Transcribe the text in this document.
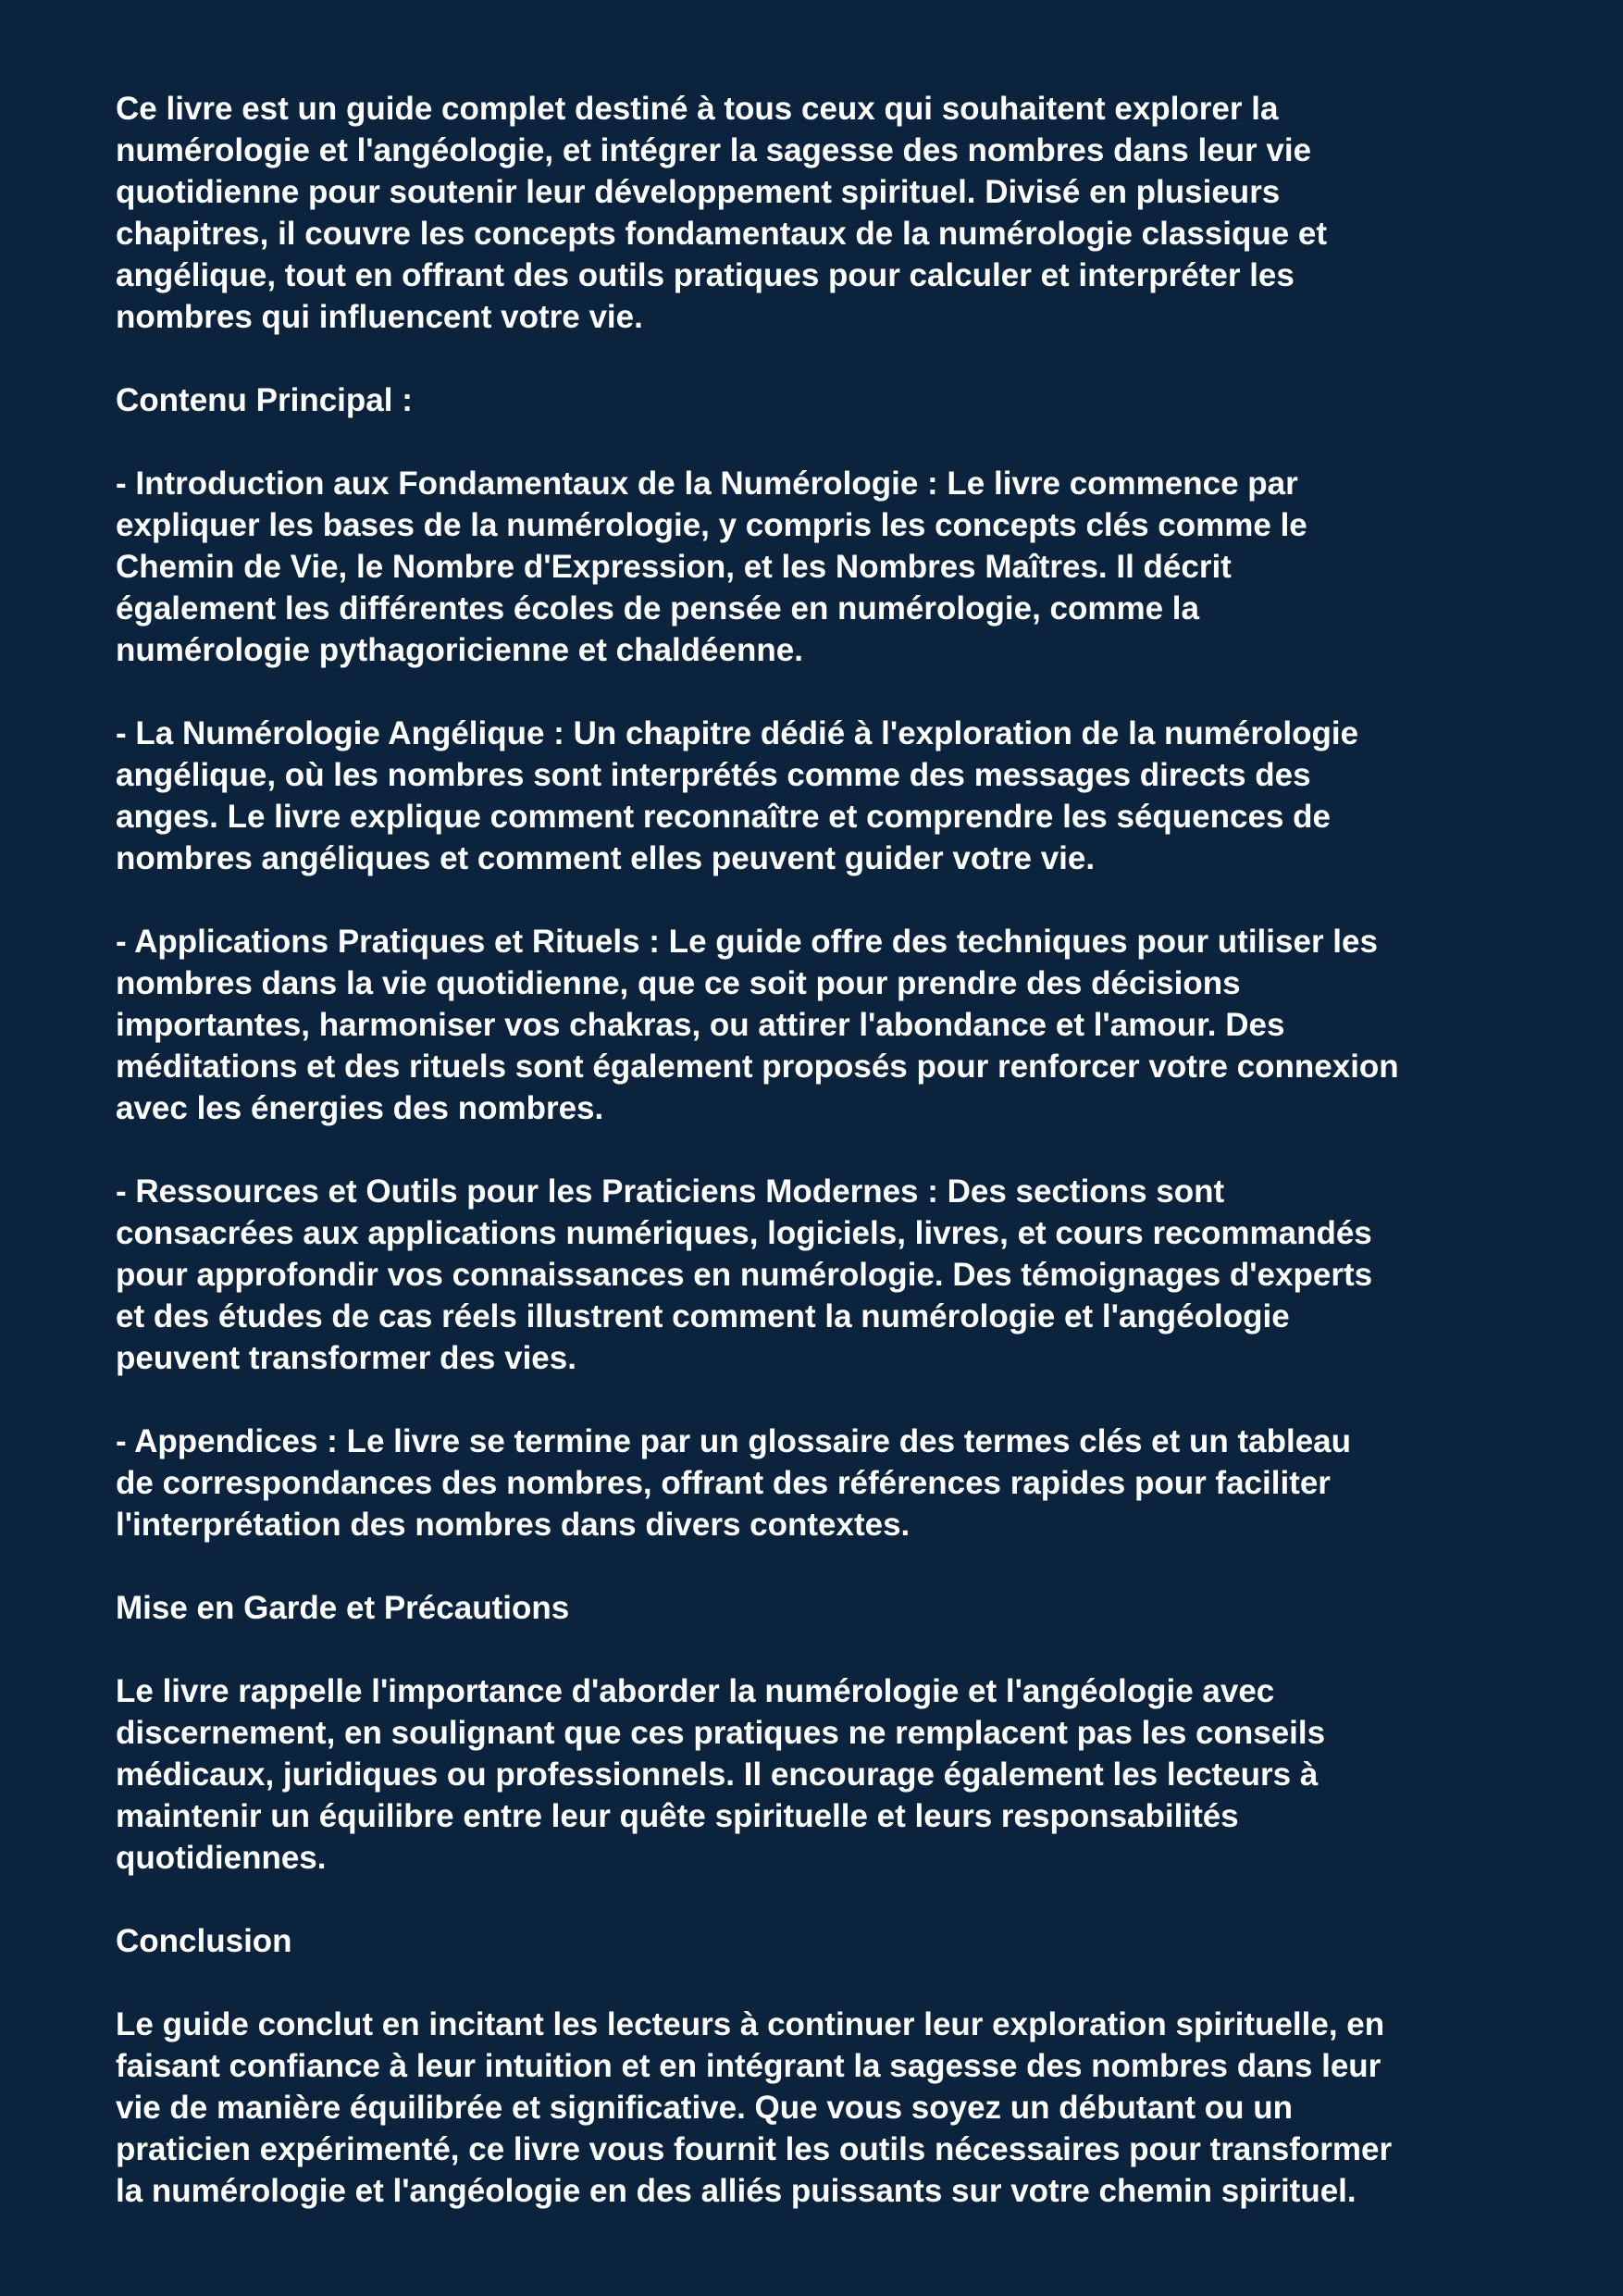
Ce livre est un guide complet destiné à tous ceux qui souhaitent explorer la
numérologie et l'angéologie, et intégrer la sagesse des nombres dans leur vie
quotidienne pour soutenir leur développement spirituel. Divisé en plusieurs
chapitres, il couvre les concepts fondamentaux de la numérologie classique et
angélique, tout en offrant des outils pratiques pour calculer et interpréter les
nombres qui influencent votre vie.
Contenu Principal :
- Introduction aux Fondamentaux de la Numérologie : Le livre commence par
expliquer les bases de la numérologie, y compris les concepts clés comme le
Chemin de Vie, le Nombre d'Expression, et les Nombres Maîtres. Il décrit
également les différentes écoles de pensée en numérologie, comme la
numérologie pythagoricienne et chaldéenne.
- La Numérologie Angélique : Un chapitre dédié à l'exploration de la numérologie
angélique, où les nombres sont interprétés comme des messages directs des
anges. Le livre explique comment reconnaître et comprendre les séquences de
nombres angéliques et comment elles peuvent guider votre vie.
- Applications Pratiques et Rituels : Le guide offre des techniques pour utiliser les
nombres dans la vie quotidienne, que ce soit pour prendre des décisions
importantes, harmoniser vos chakras, ou attirer l'abondance et l'amour. Des
méditations et des rituels sont également proposés pour renforcer votre connexion
avec les énergies des nombres.
- Ressources et Outils pour les Praticiens Modernes : Des sections sont
consacrées aux applications numériques, logiciels, livres, et cours recommandés
pour approfondir vos connaissances en numérologie. Des témoignages d'experts
et des études de cas réels illustrent comment la numérologie et l'angéologie
peuvent transformer des vies.
- Appendices : Le livre se termine par un glossaire des termes clés et un tableau
de correspondances des nombres, offrant des références rapides pour faciliter
l'interprétation des nombres dans divers contextes.
Mise en Garde et Précautions
Le livre rappelle l'importance d'aborder la numérologie et l'angéologie avec
discernement, en soulignant que ces pratiques ne remplacent pas les conseils
médicaux, juridiques ou professionnels. Il encourage également les lecteurs à
maintenir un équilibre entre leur quête spirituelle et leurs responsabilités
quotidiennes.
Conclusion
Le guide conclut en incitant les lecteurs à continuer leur exploration spirituelle, en
faisant confiance à leur intuition et en intégrant la sagesse des nombres dans leur
vie de manière équilibrée et significative. Que vous soyez un débutant ou un
praticien expérimenté, ce livre vous fournit les outils nécessaires pour transformer
la numérologie et l'angéologie en des alliés puissants sur votre chemin spirituel.
